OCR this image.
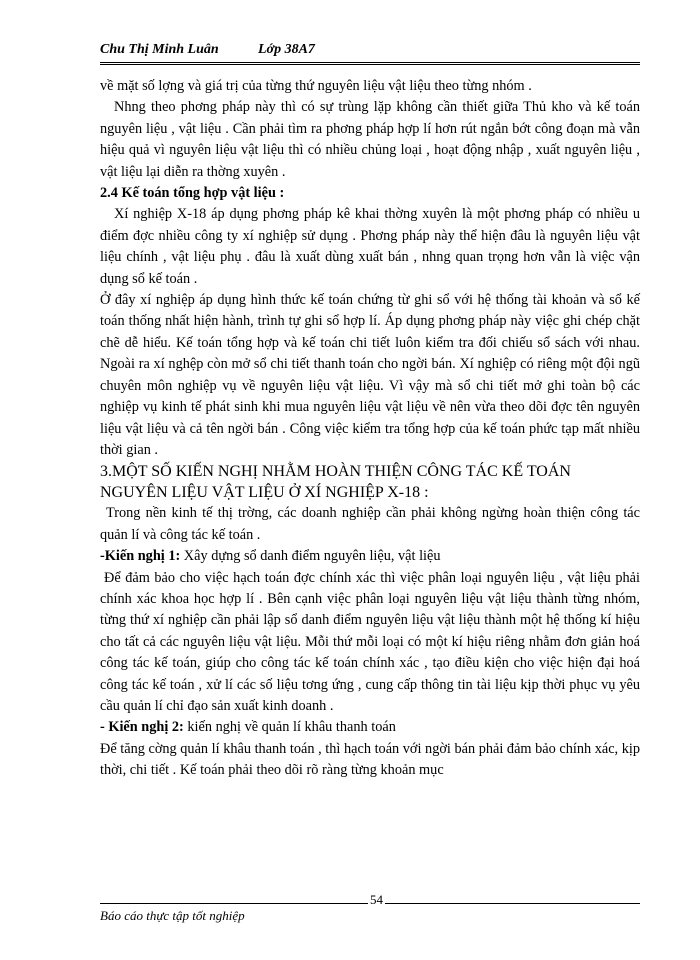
Chu Thị Minh Luân	Lớp 38A7

về mặt số lợng và giá trị của từng thứ nguyên liệu vật liệu theo từng nhóm .

Nhng theo phơng pháp này thì có sự trùng lặp không cần thiết giữa Thủ kho và kế toán nguyên liệu , vật liệu . Cần phải tìm ra phơng pháp hợp lí hơn rút ngắn bớt công đoạn mà vẫn hiệu quả vì nguyên liệu vật liệu thì có nhiều chủng loại , hoạt động nhập , xuất nguyên liệu , vật liệu lại diễn ra thờng xuyên .

2.4 Kế toán tổng hợp vật liệu :

Xí nghiệp X-18 áp dụng phơng pháp kê khai thờng xuyên là một phơng pháp có nhiều u điểm đợc nhiều công ty xí nghiệp sử dụng . Phơng pháp này thể hiện đâu là nguyên liệu vật liệu chính , vật liệu phụ . đâu là xuất dùng xuất bán , nhng quan trọng hơn vẫn là việc vận dụng sổ kế toán .

Ở đây xí nghiệp áp dụng hình thức kế toán chứng từ ghi sổ với hệ thống tài khoản và sổ kế toán thống nhất hiện hành, trình tự ghi sổ hợp lí. Áp dụng phơng pháp này việc ghi chép chặt chẽ dễ hiểu. Kế toán tổng hợp và kế toán chi tiết luôn kiểm tra đối chiếu sổ sách với nhau. Ngoài ra xí nghệp còn mở sổ chi tiết thanh toán cho ngời bán. Xí nghiệp có riêng một đội ngũ chuyên môn nghiệp vụ về nguyên liệu vật liệu. Vì vậy mà sổ chi tiết mở ghi toàn bộ các nghiệp vụ kinh tế phát sinh khi mua nguyên liệu vật liệu về nên vừa theo dõi đợc tên nguyên liệu vật liệu và cả tên ngời bán . Công việc kiểm tra tổng hợp của kế toán phức tạp mất nhiều thời gian .

3.MỘT SỐ KIẾN NGHỊ NHẰM HOÀN THIỆN CÔNG TÁC KẾ TOÁN NGUYÊN LIỆU VẬT LIỆU Ở XÍ NGHIỆP X-18 :

Trong nền kinh tế thị trờng, các doanh nghiệp cần phải không ngừng hoàn thiện công tác quản lí và công tác kế toán .

-Kiến nghị 1: Xây dựng sổ danh điểm nguyên liệu, vật liệu

Để đảm bảo cho việc hạch toán đợc chính xác thì việc phân loại nguyên liệu , vật liệu phải chính xác khoa học hợp lí . Bên cạnh việc phân loại nguyên liệu vật liệu thành từng nhóm, từng thứ xí nghiệp cần phải lập sổ danh điểm nguyên liệu vật liệu thành một hệ thống kí hiệu cho tất cả các nguyên liệu vật liệu. Mỗi thứ mỗi loại có một kí hiệu riêng nhằm đơn giản hoá công tác kế toán, giúp cho công tác kế toán chính xác , tạo điều kiện cho việc hiện đại hoá công tác kế toán , xử lí các số liệu tơng ứng , cung cấp thông tin tài liệu kịp thời phục vụ yêu cầu quản lí chỉ đạo sản xuất kinh doanh .

- Kiến nghị 2: kiến nghị về quản lí khâu thanh toán

Để tăng cờng quản lí khâu thanh toán , thì hạch toán với ngời bán phải đảm bảo chính xác, kịp thời, chi tiết . Kế toán phải theo dõi rõ ràng từng khoản mục

54
Báo cáo thực tập tốt nghiệp
